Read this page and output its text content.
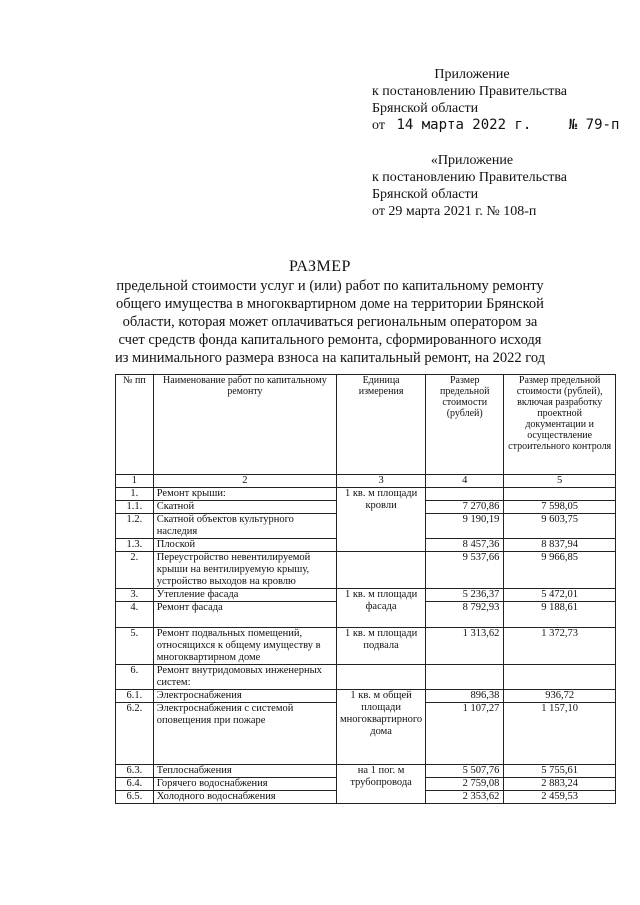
Приложение
к постановлению Правительства
Брянской области
от 14 марта 2022 г.	№ 79-п
«Приложение
к постановлению Правительства
Брянской области
от 29 марта 2021 г. № 108-п
РАЗМЕР
предельной стоимости услуг и (или) работ по капитальному ремонту общего имущества в многоквартирном доме на территории Брянской области, которая может оплачиваться региональным оператором за счет средств фонда капитального ремонта, сформированного исходя из минимального размера взноса на капитальный ремонт, на 2022 год
№ пп	Наименование работ по капитальному ремонту	Единица измерения	Размер предельной стоимости (рублей)	Размер предельной стоимости (рублей), включая разработку проектной документации и осуществление строительного контроля
1	2	3	4	5
1.	Ремонт крыши:	1 кв. м площади кровли		
1.1.	Скатной		7 270,86	7 598,05
1.2.	Скатной объектов культурного наследия		9 190,19	9 603,75
1.3.	Плоской		8 457,36	8 837,94
2.	Переустройство невентилируемой крыши на вентилируемую крышу, устройство выходов на кровлю		9 537,66	9 966,85
3.	Утепление фасада	1 кв. м площади фасада	5 236,37	5 472,01
4.	Ремонт фасада		8 792,93	9 188,61
5.	Ремонт подвальных помещений, относящихся к общему имуществу в многоквартирном доме	1 кв. м площади подвала	1 313,62	1 372,73
6.	Ремонт внутридомовых инженерных систем:			
6.1.	Электроснабжения	1 кв. м общей площади многоквартирного дома	896,38	936,72
6.2.	Электроснабжения с системой оповещения при пожаре		1 107,27	1 157,10
6.3.	Теплоснабжения	на 1 пог. м трубопровода	5 507,76	5 755,61
6.4.	Горячего водоснабжения		2 759,08	2 883,24
6.5.	Холодного водоснабжения		2 353,62	2 459,53
